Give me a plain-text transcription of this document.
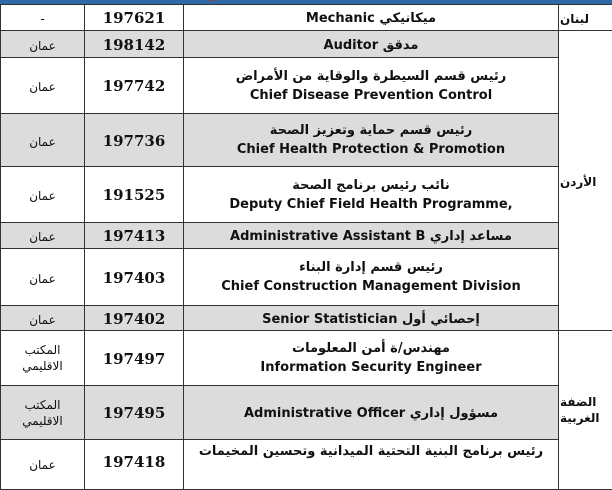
-	197621	Mechanic ميكانيكي	لبنان
عمان	198142	Auditor مدقق	الأردن
عمان	197742	رئيس قسم السيطرة والوقاية من الأمراض
Chief Disease Prevention Control	

عمان	197736	رئيس قسم حماية وتعزيز الصحة
Chief Health Protection & Promotion	

عمان	191525	نائب رئيس برنامج الصحة
Deputy Chief Field Health Programme,	

عمان	197413	Administrative Assistant B مساعد إداري	
عمان	197403	رئيس قسم إدارة البناء
Chief Construction Management Division	

عمان	197402	Senior Statistician إحصائي أول	

المكتب
الاقليمي	197497	مهندس/ة أمن المعلومات
Information Security Engineer	الضفة
الغربية

المكتب
الاقليمي	197495	Administrative Officer مسؤول إداري	
عمان	197418	رئيس برنامج البنية التحتية الميدانية وتحسين المخيمات	
